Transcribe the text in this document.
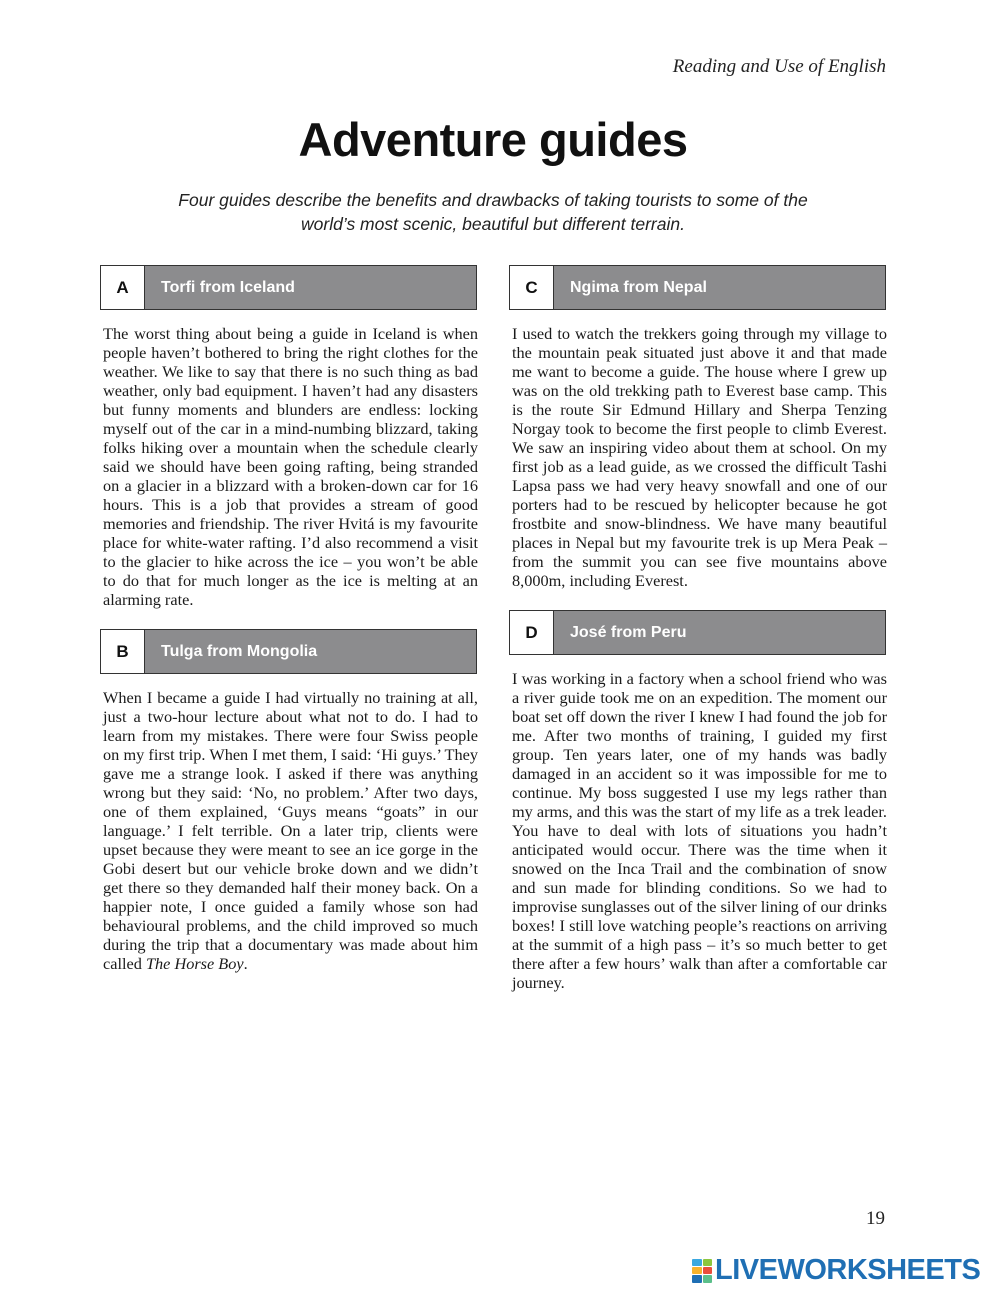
Reading and Use of English
Adventure guides
Four guides describe the benefits and drawbacks of taking tourists to some of the world’s most scenic, beautiful but different terrain.
A	Torfi from Iceland
The worst thing about being a guide in Iceland is when people haven’t bothered to bring the right clothes for the weather. We like to say that there is no such thing as bad weather, only bad equipment. I haven’t had any disasters but funny moments and blunders are endless: locking myself out of the car in a mind-numbing blizzard, taking folks hiking over a mountain when the schedule clearly said we should have been going rafting, being stranded on a glacier in a blizzard with a broken-down car for 16 hours. This is a job that provides a stream of good memories and friendship. The river Hvitá is my favourite place for white-water rafting. I’d also recommend a visit to the glacier to hike across the ice – you won’t be able to do that for much longer as the ice is melting at an alarming rate.
B	Tulga from Mongolia
When I became a guide I had virtually no training at all, just a two-hour lecture about what not to do. I had to learn from my mistakes. There were four Swiss people on my first trip. When I met them, I said: ‘Hi guys.’ They gave me a strange look. I asked if there was anything wrong but they said: ‘No, no problem.’ After two days, one of them explained, ‘Guys means “goats” in our language.’ I felt terrible. On a later trip, clients were upset because they were meant to see an ice gorge in the Gobi desert but our vehicle broke down and we didn’t get there so they demanded half their money back. On a happier note, I once guided a family whose son had behavioural problems, and the child improved so much during the trip that a documentary was made about him called The Horse Boy.
C	Ngima from Nepal
I used to watch the trekkers going through my village to the mountain peak situated just above it and that made me want to become a guide. The house where I grew up was on the old trekking path to Everest base camp. This is the route Sir Edmund Hillary and Sherpa Tenzing Norgay took to become the first people to climb Everest. We saw an inspiring video about them at school. On my first job as a lead guide, as we crossed the difficult Tashi Lapsa pass we had very heavy snowfall and one of our porters had to be rescued by helicopter because he got frostbite and snow-blindness. We have many beautiful places in Nepal but my favourite trek is up Mera Peak – from the summit you can see five mountains above 8,000m, including Everest.
D	José from Peru
I was working in a factory when a school friend who was a river guide took me on an expedition. The moment our boat set off down the river I knew I had found the job for me. After two months of training, I guided my first group. Ten years later, one of my hands was badly damaged in an accident so it was impossible for me to continue. My boss suggested I use my legs rather than my arms, and this was the start of my life as a trek leader. You have to deal with lots of situations you hadn’t anticipated would occur. There was the time when it snowed on the Inca Trail and the combination of snow and sun made for blinding conditions. So we had to improvise sunglasses out of the silver lining of our drinks boxes! I still love watching people’s reactions on arriving at the summit of a high pass – it’s so much better to get there after a few hours’ walk than after a comfortable car journey.
19
LIVEWORKSHEETS
